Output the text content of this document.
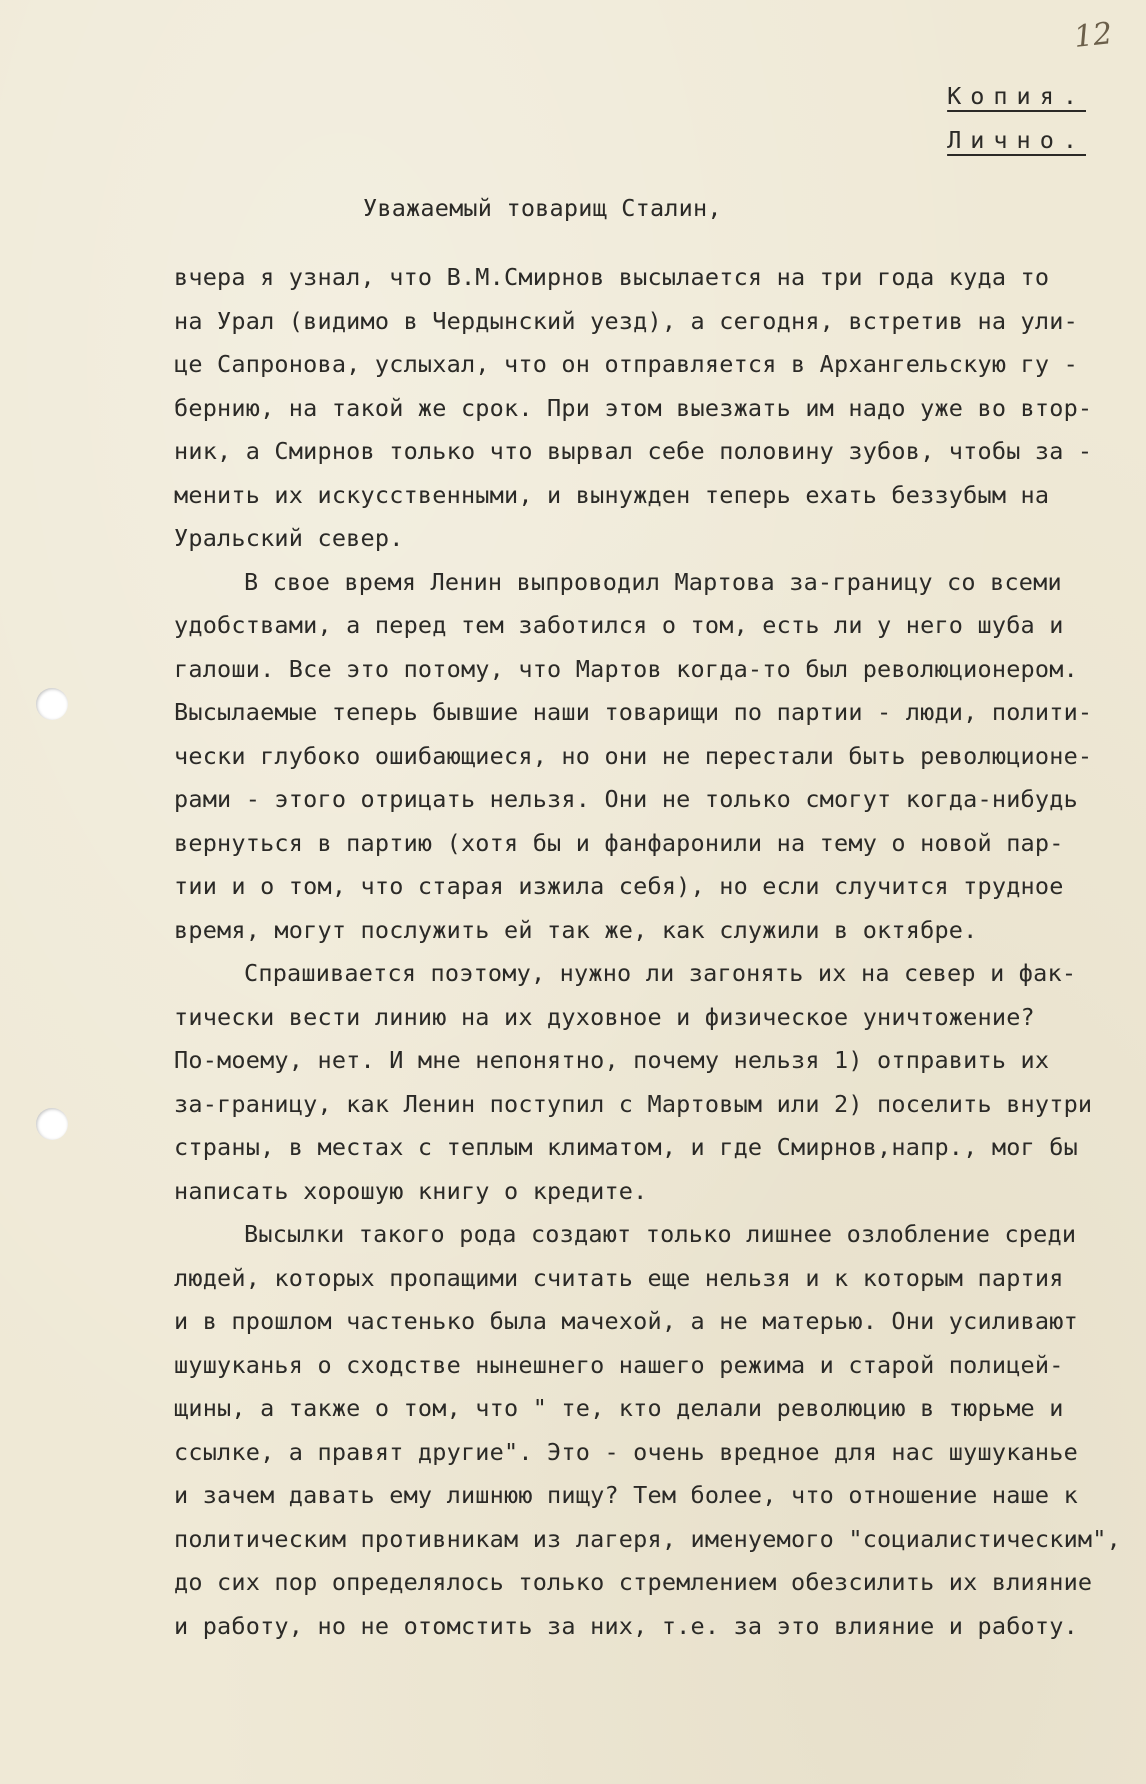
12
Копия.
Лично.
Уважаемый товарищ Сталин,
вчера я узнал, что В.М.Смирнов высылается на три года куда то
на Урал (видимо в Чердынский уезд), а сегодня, встретив на ули-
це Сапронова, услыхал, что он отправляется в Архангельскую гу -
бернию, на такой же срок. При этом выезжать им надо уже во втор-
ник, а Смирнов только что вырвал себе половину зубов, чтобы за -
менить их искусственными, и вынужден теперь ехать беззубым на
Уральский север.
В свое время Ленин выпроводил Мартова за-границу со всеми
удобствами, а перед тем заботился о том, есть ли у него шуба и
галоши. Все это потому, что Мартов когда-то был революционером.
Высылаемые теперь бывшие наши товарищи по партии - люди, полити-
чески глубоко ошибающиеся, но они не перестали быть революционе-
рами - этого отрицать нельзя. Они не только смогут когда-нибудь
вернуться в партию (хотя бы и фанфаронили на тему о новой пар-
тии и о том, что старая изжила себя), но если случится трудное
время, могут послужить ей так же, как служили в октябре.
Спрашивается поэтому, нужно ли загонять их на север и фак-
тически вести линию на их духовное и физическое уничтожение?
По-моему, нет. И мне непонятно, почему нельзя 1) отправить их
за-границу, как Ленин поступил с Мартовым или 2) поселить внутри
страны, в местах с теплым климатом, и где Смирнов,напр., мог бы
написать хорошую книгу о кредите.
Высылки такого рода создают только лишнее озлобление среди
людей, которых пропащими считать еще нельзя и к которым партия
и в прошлом частенько была мачехой, а не матерью. Они усиливают
шушуканья о сходстве нынешнего нашего режима и старой полицей-
щины, а также о том, что " те, кто делали революцию в тюрьме и
ссылке, а правят другие". Это - очень вредное для нас шушуканье
и зачем давать ему лишнюю пищу? Тем более, что отношение наше к
политическим противникам из лагеря, именуемого "социалистическим",
до сих пор определялось только стремлением обезсилить их влияние
и работу, но не отомстить за них, т.е. за это влияние и работу.
